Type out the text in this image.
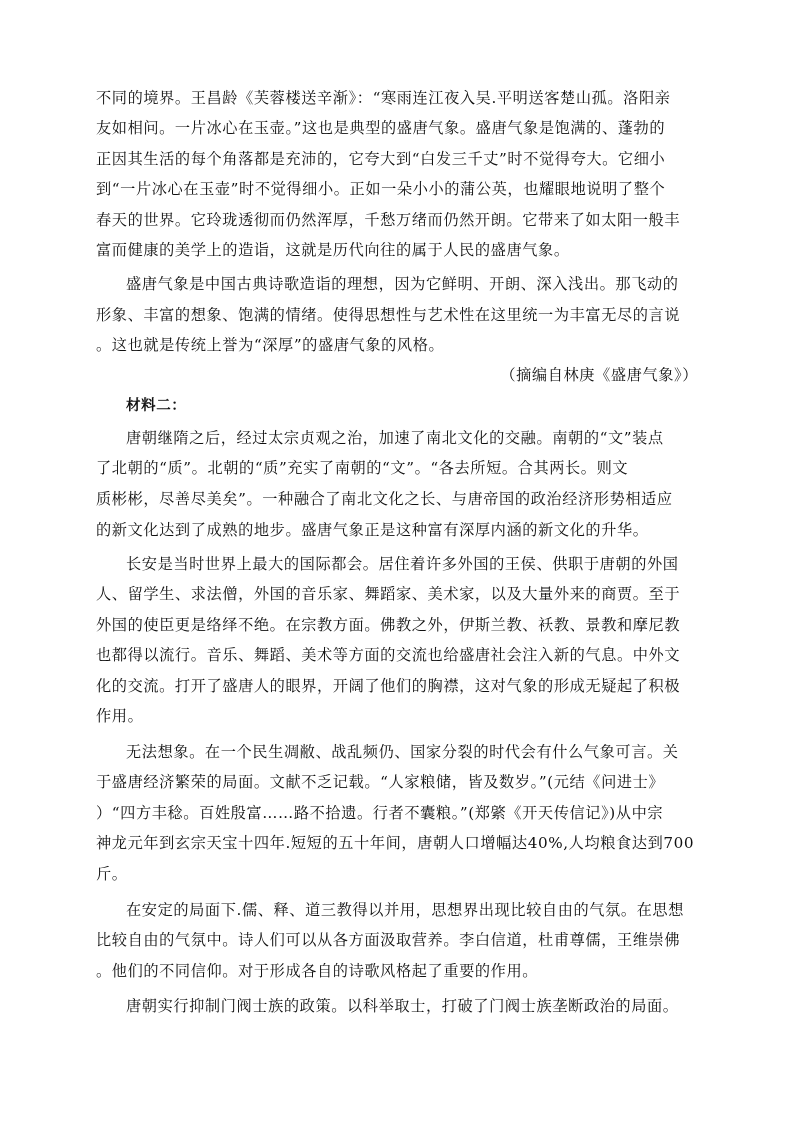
不同的境界。王昌龄《芙蓉楼送辛渐》：“寒雨连江夜入吴.平明送客楚山孤。洛阳亲
友如相问。一片冰心在玉壶。”这也是典型的盛唐气象。盛唐气象是饱满的、蓬勃的
正因其生活的每个角落都是充沛的，它夸大到“白发三千丈”时不觉得夸大。它细小
到“一片冰心在玉壶”时不觉得细小。正如一朵小小的蒲公英，也耀眼地说明了整个
春天的世界。它玲珑透彻而仍然浑厚，千愁万绪而仍然开朗。它带来了如太阳一般丰
富而健康的美学上的造诣，这就是历代向往的属于人民的盛唐气象。
盛唐气象是中国古典诗歌造诣的理想，因为它鲜明、开朗、深入浅出。那飞动的
形象、丰富的想象、饱满的情绪。使得思想性与艺术性在这里统一为丰富无尽的言说
。这也就是传统上誉为“深厚”的盛唐气象的风格。
（摘编自林庚《盛唐气象》）
材料二：
唐朝继隋之后，经过太宗贞观之治，加速了南北文化的交融。南朝的“文”装点
了北朝的“质”。北朝的“质”充实了南朝的“文”。“各去所短。合其两长。则文
质彬彬，尽善尽美矣”。一种融合了南北文化之长、与唐帝国的政治经济形势相适应
的新文化达到了成熟的地步。盛唐气象正是这种富有深厚内涵的新文化的升华。
长安是当时世界上最大的国际都会。居住着许多外国的王侯、供职于唐朝的外国
人、留学生、求法僧，外国的音乐家、舞蹈家、美术家，以及大量外来的商贾。至于
外国的使臣更是络绎不绝。在宗教方面。佛教之外，伊斯兰教、袄教、景教和摩尼教
也都得以流行。音乐、舞蹈、美术等方面的交流也给盛唐社会注入新的气息。中外文
化的交流。打开了盛唐人的眼界，开阔了他们的胸襟，这对气象的形成无疑起了积极
作用。
无法想象。在一个民生凋敝、战乱频仍、国家分裂的时代会有什么气象可言。关
于盛唐经济繁荣的局面。文献不乏记载。“人家粮储，皆及数岁。”(元结《问进士》
）“四方丰稔。百姓殷富……路不拾遗。行者不囊粮。”(郑綮《开天传信记》)从中宗
神龙元年到玄宗天宝十四年.短短的五十年间，唐朝人口增幅达40%,人均粮食达到700
斤。
在安定的局面下.儒、释、道三教得以并用，思想界出现比较自由的气氛。在思想
比较自由的气氛中。诗人们可以从各方面汲取营养。李白信道，杜甫尊儒，王维崇佛
。他们的不同信仰。对于形成各自的诗歌风格起了重要的作用。
唐朝实行抑制门阀士族的政策。以科举取士，打破了门阀士族垄断政治的局面。
